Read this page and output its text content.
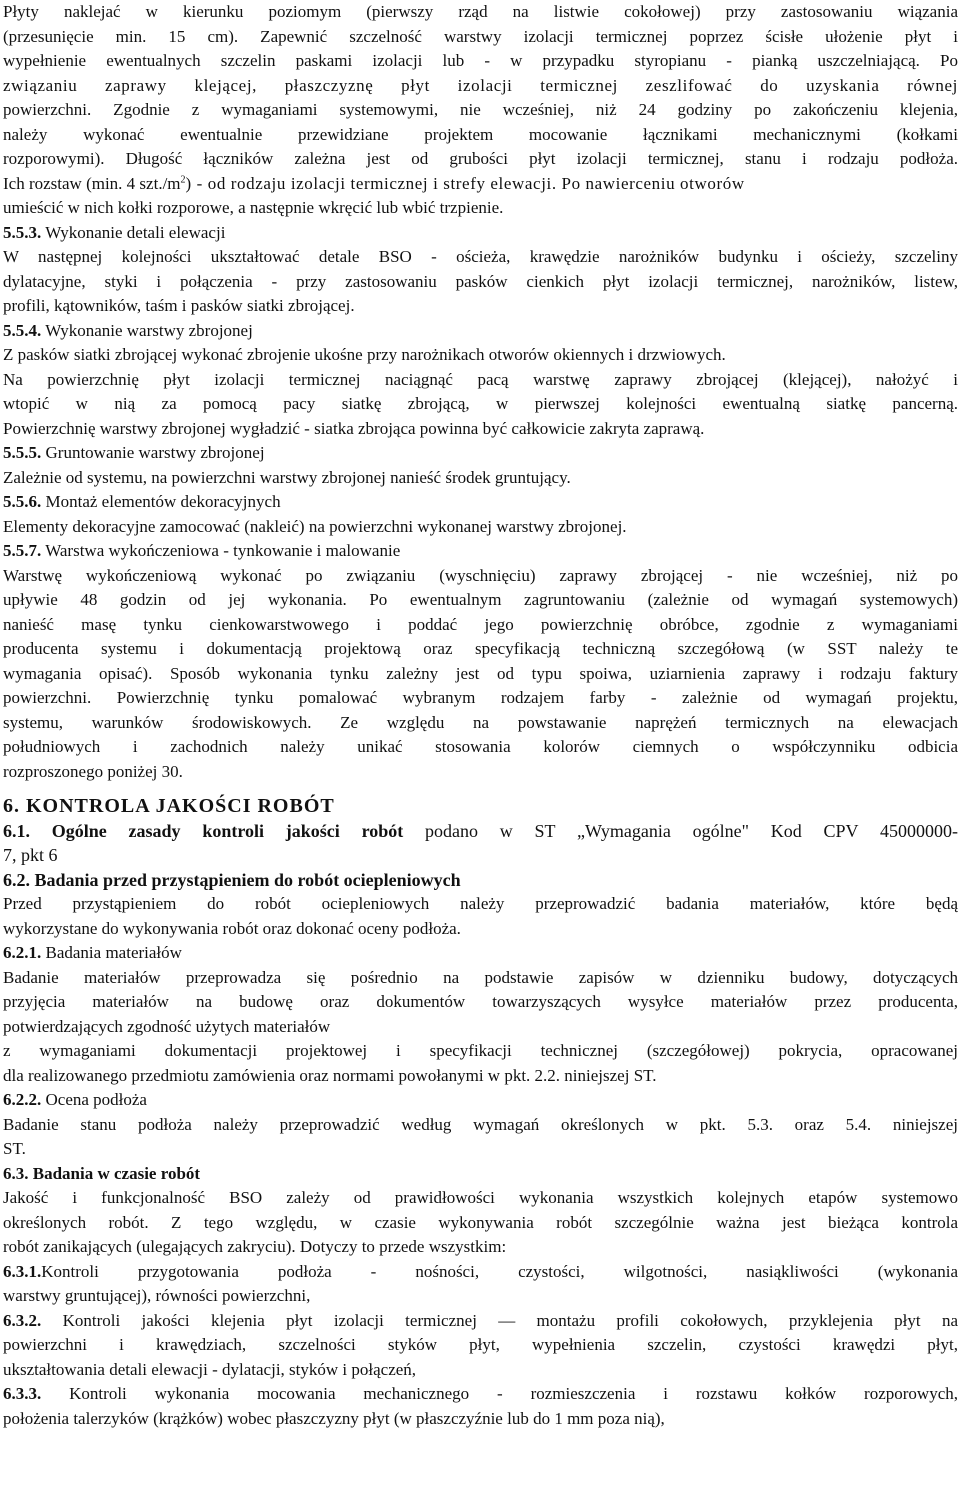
Płyty naklejać w kierunku poziomym (pierwszy rząd na listwie cokołowej) przy zastosowaniu wiązania
(przesunięcie min. 15 cm). Zapewnić szczelność warstwy izolacji termicznej poprzez ścisłe ułożenie płyt i
wypełnienie ewentualnych szczelin paskami izolacji lub - w przypadku styropianu - pianką uszczelniającą. Po
związaniu zaprawy klejącej, płaszczyznę płyt izolacji termicznej zeszlifować do uzyskania równej
powierzchni. Zgodnie z wymaganiami systemowymi, nie wcześniej, niż 24 godziny po zakończeniu klejenia,
należy wykonać ewentualnie przewidziane projektem mocowanie łącznikami mechanicznymi (kołkami
rozporowymi). Długość łączników zależna jest od grubości płyt izolacji termicznej, stanu i rodzaju podłoża.
Ich rozstaw (min. 4 $szt./m^2$) - od rodzaju izolacji termicznej i strefy elewacji. Po nawierceniu otworów
umieścić w nich kołki rozporowe, a następnie wkręcić lub wbić trzpienie.
5.5.3. Wykonanie detali elewacji
W następnej kolejności ukształtować detale BSO - ościeża, krawędzie narożników budynku i ościeży, szczeliny
dylatacyjne, styki i połączenia - przy zastosowaniu pasków cienkich płyt izolacji termicznej, narożników, listew,
profili, kątowników, taśm i pasków siatki zbrojącej.
5.5.4. Wykonanie warstwy zbrojonej
Z pasków siatki zbrojącej wykonać zbrojenie ukośne przy narożnikach otworów okiennych i drzwiowych.
Na powierzchnię płyt izolacji termicznej naciągnąć pacą warstwę zaprawy zbrojącej (klejącej), nałożyć i
wtopić w nią za pomocą pacy siatkę zbrojącą, w pierwszej kolejności ewentualną siatkę pancerną.
Powierzchnię warstwy zbrojonej wygładzić - siatka zbrojąca powinna być całkowicie zakryta zaprawą.
5.5.5. Gruntowanie warstwy zbrojonej
Zależnie od systemu, na powierzchni warstwy zbrojonej nanieść środek gruntujący.
5.5.6. Montaż elementów dekoracyjnych
Elementy dekoracyjne zamocować (nakleić) na powierzchni wykonanej warstwy zbrojonej.
5.5.7. Warstwa wykończeniowa - tynkowanie i malowanie
Warstwę wykończeniową wykonać po związaniu (wyschnięciu) zaprawy zbrojącej - nie wcześniej, niż po
upływie 48 godzin od jej wykonania. Po ewentualnym zagruntowaniu (zależnie od wymagań systemowych)
nanieść masę tynku cienkowarstwowego i poddać jego powierzchnię obróbce, zgodnie z wymaganiami
producenta systemu i dokumentacją projektową oraz specyfikacją techniczną szczegółową (w SST należy te
wymagania opisać). Sposób wykonania tynku zależny jest od typu spoiwa, uziarnienia zaprawy i rodzaju faktury
powierzchni. Powierzchnię tynku pomalować wybranym rodzajem farby - zależnie od wymagań projektu,
systemu, warunków środowiskowych. Ze względu na powstawanie naprężeń termicznych na elewacjach
południowych i zachodnich należy unikać stosowania kolorów ciemnych o współczynniku odbicia
rozproszonego poniżej 30.
6. KONTROLA JAKOŚCI ROBÓT
6.1. Ogólne zasady kontroli jakości robót podano w ST „Wymagania ogólne" Kod CPV 45000000-
7, pkt 6
6.2. Badania przed przystąpieniem do robót ociepleniowych
Przed przystąpieniem do robót ociepleniowych należy przeprowadzić badania materiałów, które będą
wykorzystane do wykonywania robót oraz dokonać oceny podłoża.
6.2.1. Badania materiałów
Badanie materiałów przeprowadza się pośrednio na podstawie zapisów w dzienniku budowy, dotyczących
przyjęcia materiałów na budowę oraz dokumentów towarzyszących wysyłce materiałów przez producenta,
potwierdzających zgodność użytych materiałów
z wymaganiami dokumentacji projektowej i specyfikacji technicznej (szczegółowej) pokrycia, opracowanej
dla realizowanego przedmiotu zamówienia oraz normami powołanymi w pkt. 2.2. niniejszej ST.
6.2.2. Ocena podłoża
Badanie stanu podłoża należy przeprowadzić według wymagań określonych w pkt. 5.3. oraz 5.4. niniejszej
ST.
6.3. Badania w czasie robót
Jakość i funkcjonalność BSO zależy od prawidłowości wykonania wszystkich kolejnych etapów systemowo
określonych robót. Z tego względu, w czasie wykonywania robót szczególnie ważna jest bieżąca kontrola
robót zanikających (ulegających zakryciu). Dotyczy to przede wszystkim:
6.3.1.Kontroli przygotowania podłoża - nośności, czystości, wilgotności, nasiąkliwości (wykonania
warstwy gruntującej), równości powierzchni,
6.3.2. Kontroli jakości klejenia płyt izolacji termicznej — montażu profili cokołowych, przyklejenia płyt na
powierzchni i krawędziach, szczelności styków płyt, wypełnienia szczelin, czystości krawędzi płyt,
ukształtowania detali elewacji - dylatacji, styków i połączeń,
6.3.3. Kontroli wykonania mocowania mechanicznego - rozmieszczenia i rozstawu kołków rozporowych,
położenia talerzyków (krążków) wobec płaszczyzny płyt (w płaszczyźnie lub do 1 mm poza nią),
